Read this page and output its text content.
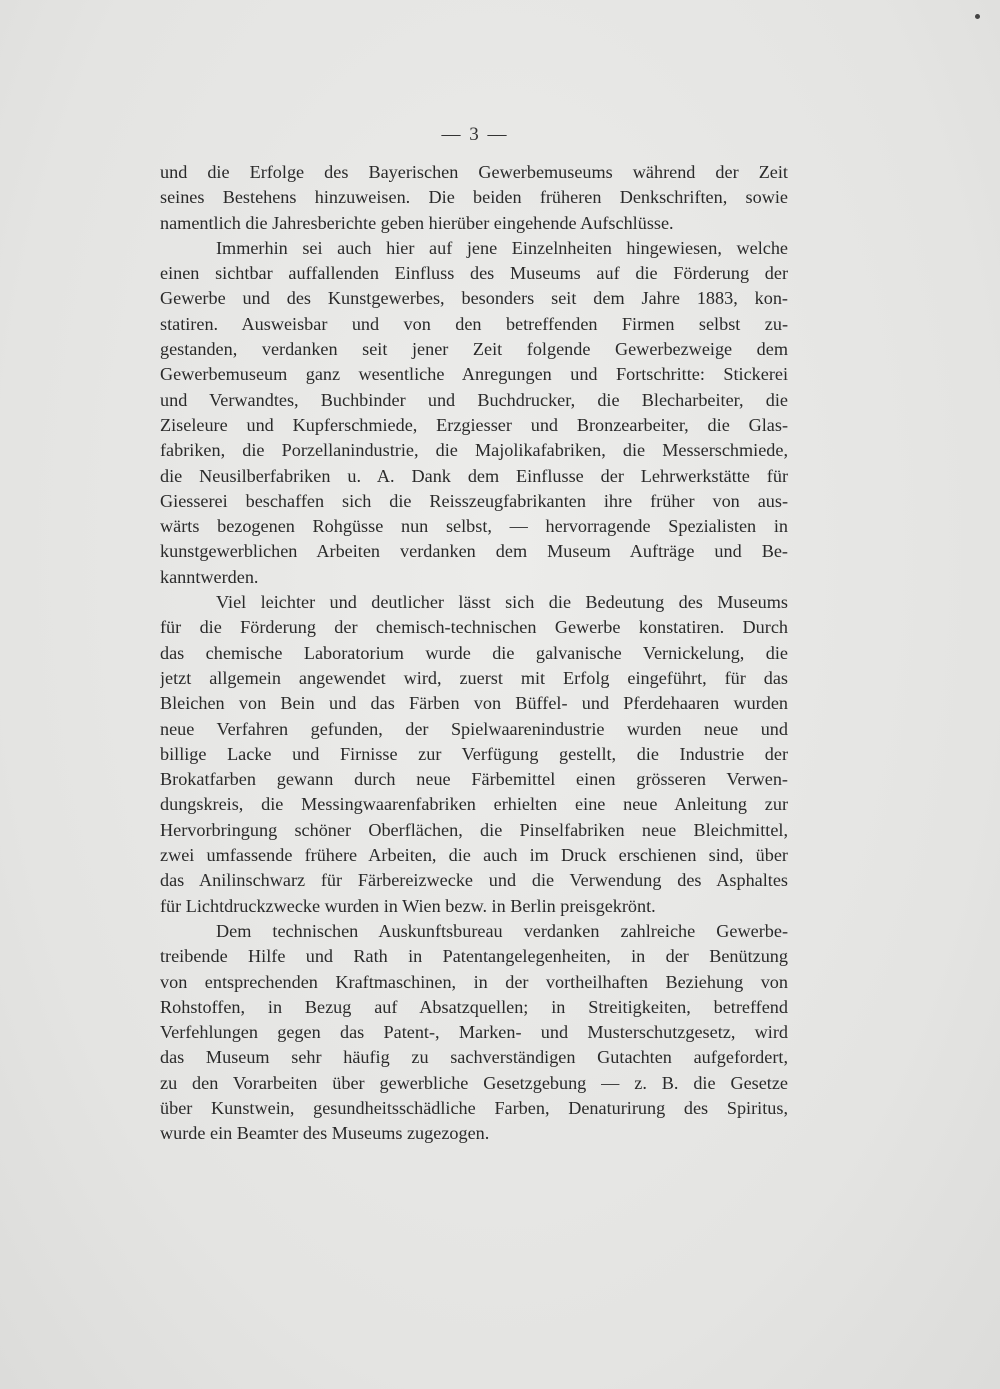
— 3 —
und die Erfolge des Bayerischen Gewerbemuseums während der Zeit
seines Bestehens hinzuweisen. Die beiden früheren Denkschriften, sowie
namentlich die Jahresberichte geben hierüber eingehende Aufschlüsse.
Immerhin sei auch hier auf jene Einzelnheiten hingewiesen, welche
einen sichtbar auffallenden Einfluss des Museums auf die Förderung der
Gewerbe und des Kunstgewerbes, besonders seit dem Jahre 1883, kon-
statiren. Ausweisbar und von den betreffenden Firmen selbst zu-
gestanden, verdanken seit jener Zeit folgende Gewerbezweige dem
Gewerbemuseum ganz wesentliche Anregungen und Fortschritte: Stickerei
und Verwandtes, Buchbinder und Buchdrucker, die Blecharbeiter, die
Ziseleure und Kupferschmiede, Erzgiesser und Bronzearbeiter, die Glas-
fabriken, die Porzellanindustrie, die Majolikafabriken, die Messerschmiede,
die Neusilberfabriken u. A. Dank dem Einflusse der Lehrwerkstätte für
Giesserei beschaffen sich die Reisszeugfabrikanten ihre früher von aus-
wärts bezogenen Rohgüsse nun selbst, — hervorragende Spezialisten in
kunstgewerblichen Arbeiten verdanken dem Museum Aufträge und Be-
kanntwerden.
Viel leichter und deutlicher lässt sich die Bedeutung des Museums
für die Förderung der chemisch-technischen Gewerbe konstatiren. Durch
das chemische Laboratorium wurde die galvanische Vernickelung, die
jetzt allgemein angewendet wird, zuerst mit Erfolg eingeführt, für das
Bleichen von Bein und das Färben von Büffel- und Pferdehaaren wurden
neue Verfahren gefunden, der Spielwaarenindustrie wurden neue und
billige Lacke und Firnisse zur Verfügung gestellt, die Industrie der
Brokatfarben gewann durch neue Färbemittel einen grösseren Verwen-
dungskreis, die Messingwaarenfabriken erhielten eine neue Anleitung zur
Hervorbringung schöner Oberflächen, die Pinselfabriken neue Bleichmittel,
zwei umfassende frühere Arbeiten, die auch im Druck erschienen sind, über
das Anilinschwarz für Färbereizwecke und die Verwendung des Asphaltes
für Lichtdruckzwecke wurden in Wien bezw. in Berlin preisgekrönt.
Dem technischen Auskunftsbureau verdanken zahlreiche Gewerbe-
treibende Hilfe und Rath in Patentangelegenheiten, in der Benützung
von entsprechenden Kraftmaschinen, in der vortheilhaften Beziehung von
Rohstoffen, in Bezug auf Absatzquellen; in Streitigkeiten, betreffend
Verfehlungen gegen das Patent-, Marken- und Musterschutzgesetz, wird
das Museum sehr häufig zu sachverständigen Gutachten aufgefordert,
zu den Vorarbeiten über gewerbliche Gesetzgebung — z. B. die Gesetze
über Kunstwein, gesundheitsschädliche Farben, Denaturirung des Spiritus,
wurde ein Beamter des Museums zugezogen.
